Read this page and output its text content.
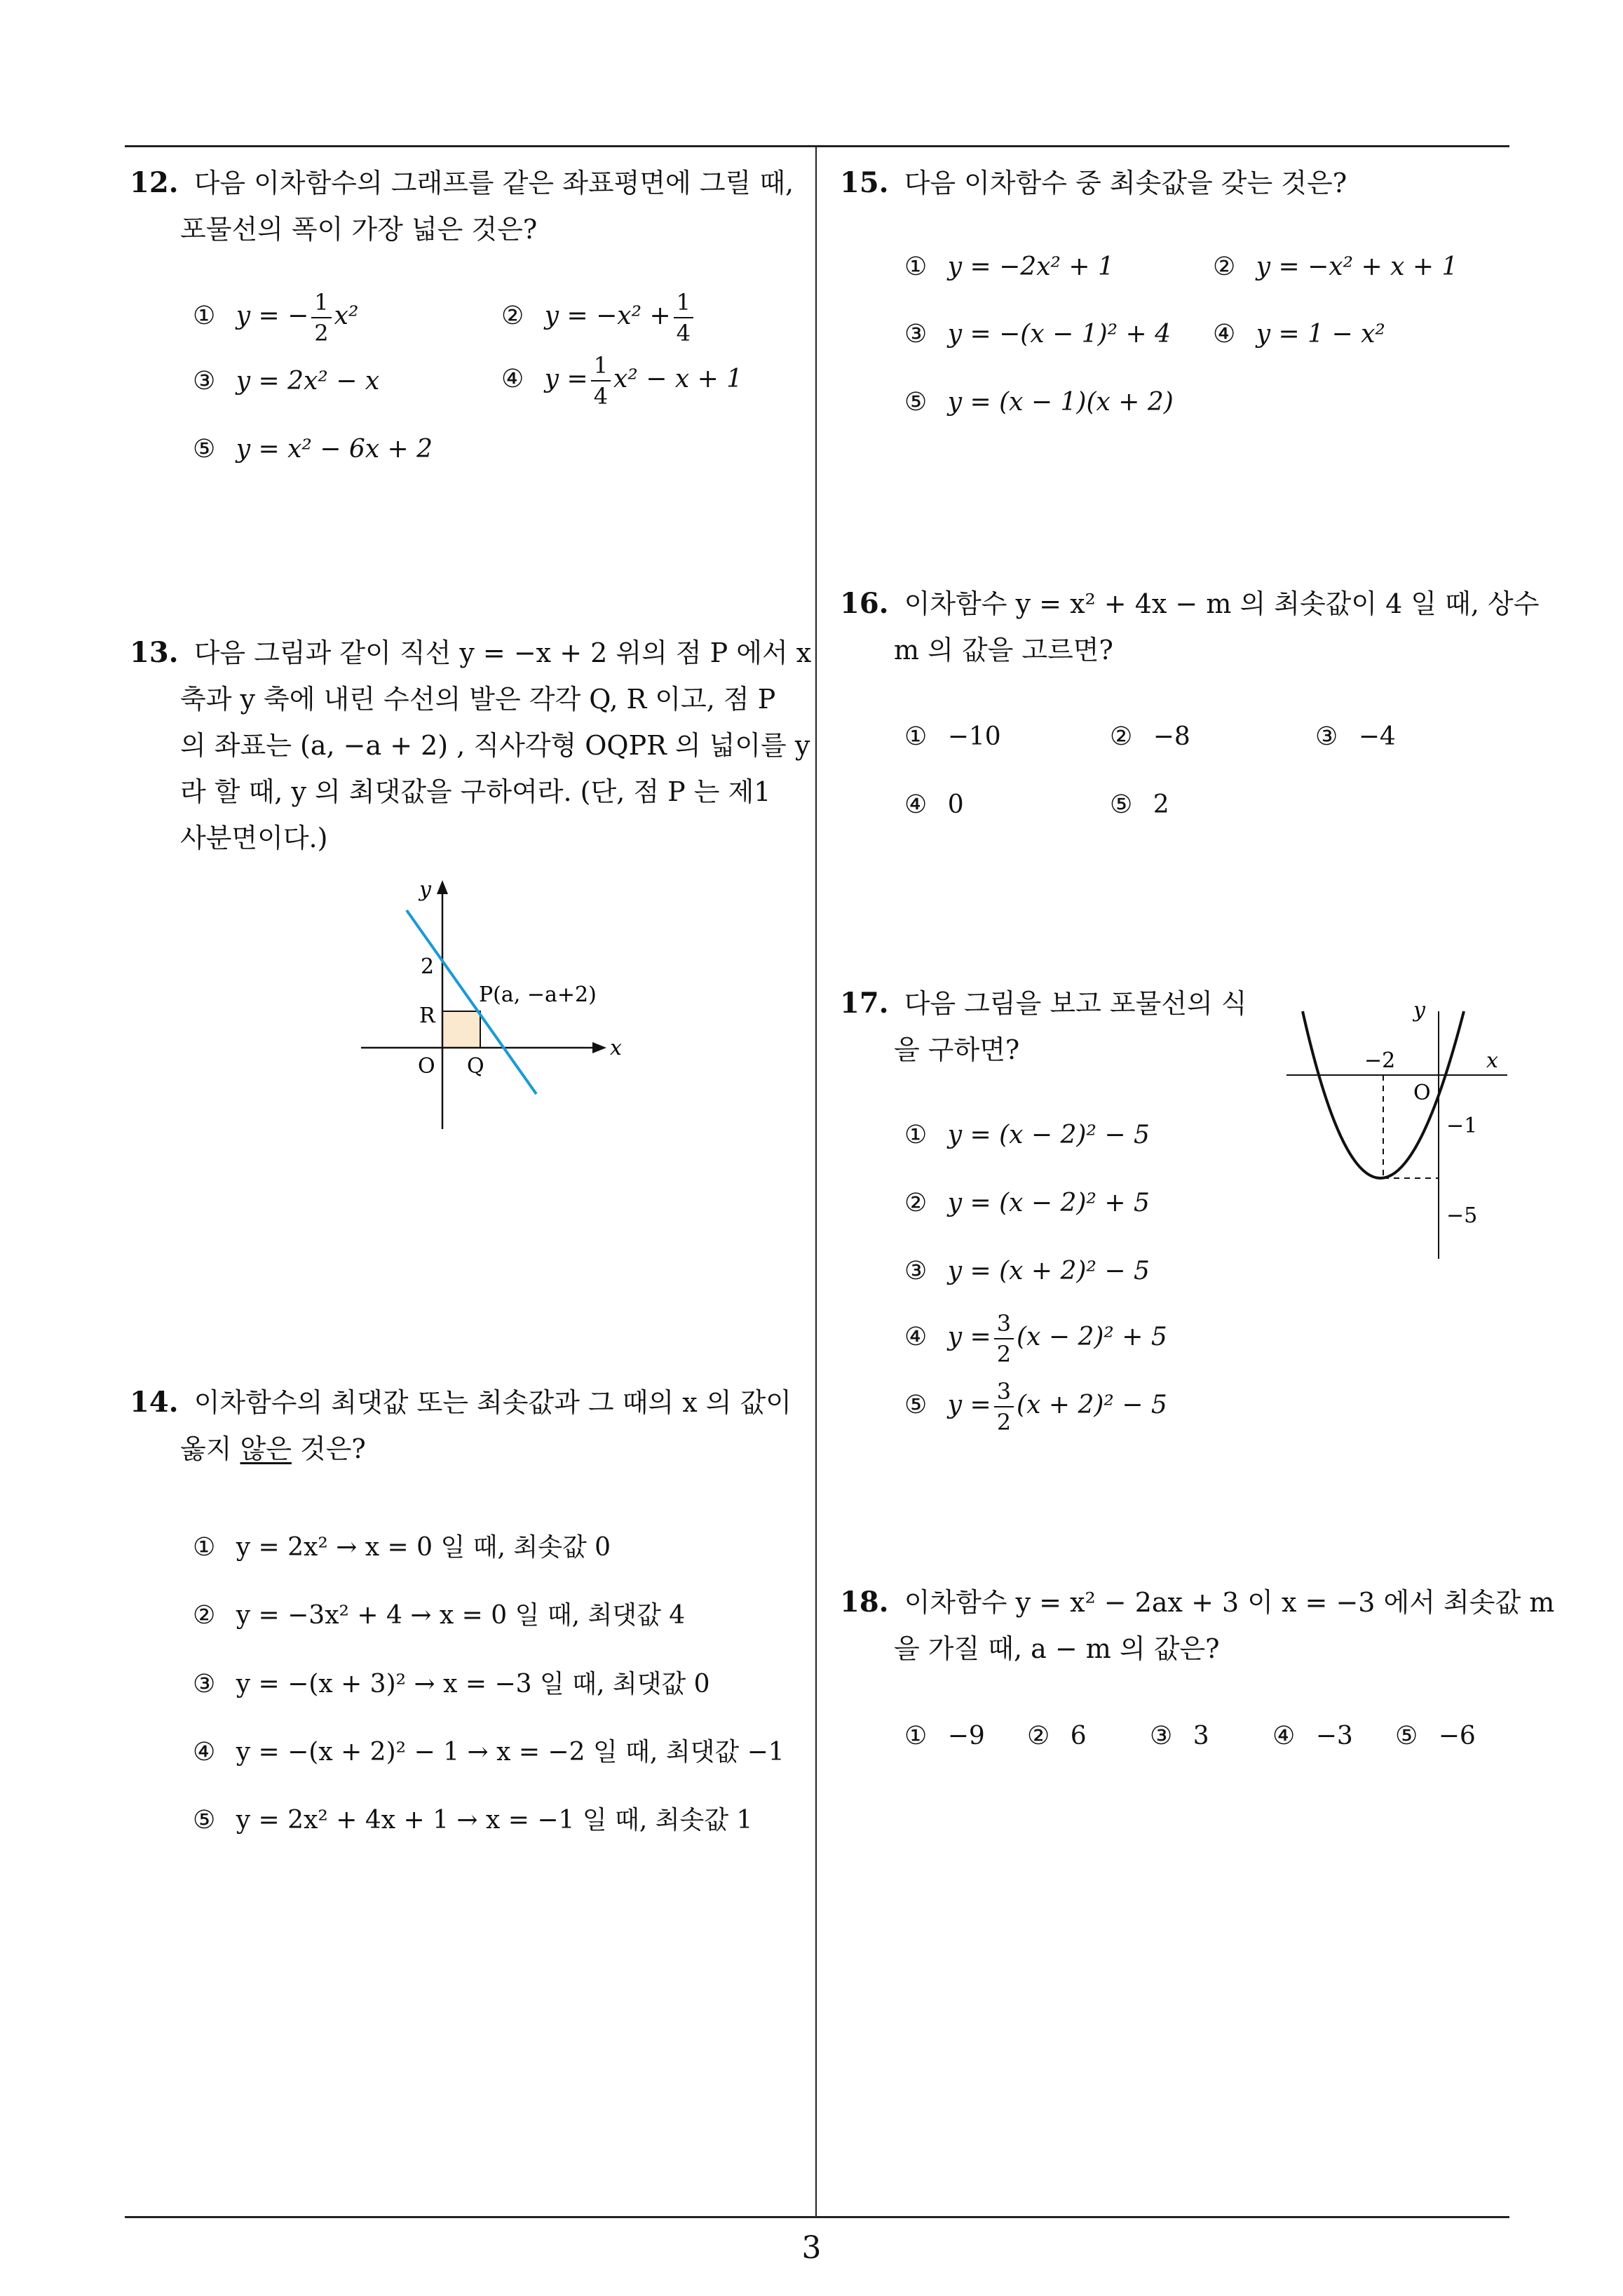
12. 다음 이차함수의 그래프를 같은 좌표평면에 그릴 때,
포물선의 폭이 가장 넓은 것은?
① y = − $\frac{1}{2} x^2$	② $y = -x^2 + \frac{1}{4}$
③ y = 2x² − x	④ $y = \frac{1}{4} x^2 - x + 1$
⑤ y = x² − 6x + 2
13. 다음 그림과 같이 직선 y = −x + 2 위의 점 P 에서 x
축과 y 축에 내린 수선의 발은 각각 Q, R 이고, 점 P
의 좌표는 (a, −a + 2) , 직사각형 OQPR 의 넓이를 y
라 할 때, y 의 최댓값을 구하여라. (단, 점 P 는 제1
사분면이다.)
y
x
2
R
O Q
P(a, −a+2)
14. 이차함수의 최댓값 또는 최솟값과 그 때의 x 의 값이
옳지 않은 것은?
① y = 2x² → x = 0 일 때, 최솟값 0
② y = −3x² + 4 → x = 0 일 때, 최댓값 4
③ y = −(x + 3)² → x = −3 일 때, 최댓값 0
④ y = −(x + 2)² − 1 → x = −2 일 때, 최댓값 −1
⑤ y = 2x² + 4x + 1 → x = −1 일 때, 최솟값 1
15. 다음 이차함수 중 최솟값을 갖는 것은?
① y = −2x² + 1	② y = −x² + x + 1
③ y = −(x − 1)² + 4 ④ y = 1 − x²
⑤ y = (x − 1)(x + 2)
16. 이차함수 y = x² + 4x − m 의 최솟값이 4 일 때, 상수
m 의 값을 고르면?
① −10	② −8	③ −4
④ 0	⑤ 2
17. 다음 그림을 보고 포물선의 식
을 구하면?
y
x
−2
O
−1
−5
① y = (x − 2)² − 5
② y = (x − 2)² + 5
③ y = (x + 2)² − 5
④ $y = \frac{3}{2} (x - 2)^2 + 5$
⑤ $y = \frac{3}{2} (x + 2)^2 - 5$
18. 이차함수 y = x² − 2ax + 3 이 x = −3 에서 최솟값 m
을 가질 때, a − m 의 값은?
① −9 ② 6	③ 3	④ −3 ⑤ −6
3
